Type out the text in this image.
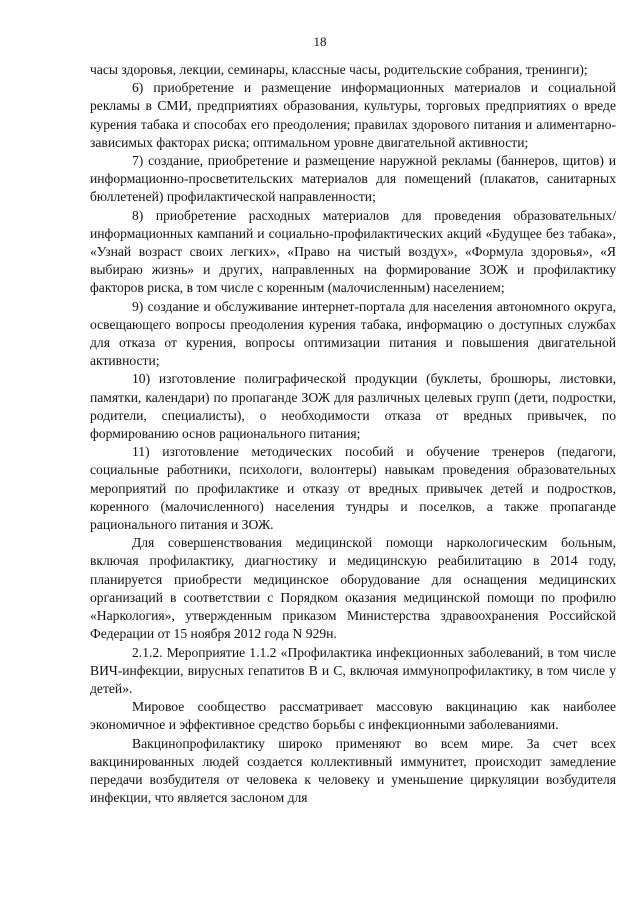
18

часы здоровья, лекции, семинары, классные часы, родительские собрания, тренинги);

6) приобретение и размещение информационных материалов и социальной рекламы в СМИ, предприятиях образования, культуры, торговых предприятиях о вреде курения табака и способах его преодоления; правилах здорового питания и алиментарно-зависимых факторах риска; оптимальном уровне двигательной активности;

7) создание, приобретение и размещение наружной рекламы (баннеров, щитов) и информационно-просветительских материалов для помещений (плакатов, санитарных бюллетеней) профилактической направленности;

8) приобретение расходных материалов для проведения образовательных/информационных кампаний и социально-профилактических акций «Будущее без табака», «Узнай возраст своих легких», «Право на чистый воздух», «Формула здоровья», «Я выбираю жизнь» и других, направленных на формирование ЗОЖ и профилактику факторов риска, в том числе с коренным (малочисленным) населением;

9) создание и обслуживание интернет-портала для населения автономного округа, освещающего вопросы преодоления курения табака, информацию о доступных службах для отказа от курения, вопросы оптимизации питания и повышения двигательной активности;

10) изготовление полиграфической продукции (буклеты, брошюры, листовки, памятки, календари) по пропаганде ЗОЖ для различных целевых групп (дети, подростки, родители, специалисты), о необходимости отказа от вредных привычек, по формированию основ рационального питания;

11) изготовление методических пособий и обучение тренеров (педагоги, социальные работники, психологи, волонтеры) навыкам проведения образовательных мероприятий по профилактике и отказу от вредных привычек детей и подростков, коренного (малочисленного) населения тундры и поселков, а также пропаганде рационального питания и ЗОЖ.

Для совершенствования медицинской помощи наркологическим больным, включая профилактику, диагностику и медицинскую реабилитацию в 2014 году, планируется приобрести медицинское оборудование для оснащения медицинских организаций в соответствии с Порядком оказания медицинской помощи по профилю «Наркология», утвержденным приказом Министерства здравоохранения Российской Федерации от 15 ноября 2012 года N 929н.

2.1.2. Мероприятие 1.1.2 «Профилактика инфекционных заболеваний, в том числе ВИЧ-инфекции, вирусных гепатитов В и С, включая иммунопрофилактику, в том числе у детей».

Мировое сообщество рассматривает массовую вакцинацию как наиболее экономичное и эффективное средство борьбы с инфекционными заболеваниями.

Вакцинопрофилактику широко применяют во всем мире. За счет всех вакцинированных людей создается коллективный иммунитет, происходит замедление передачи возбудителя от человека к человеку и уменьшение циркуляции возбудителя инфекции, что является заслоном для
